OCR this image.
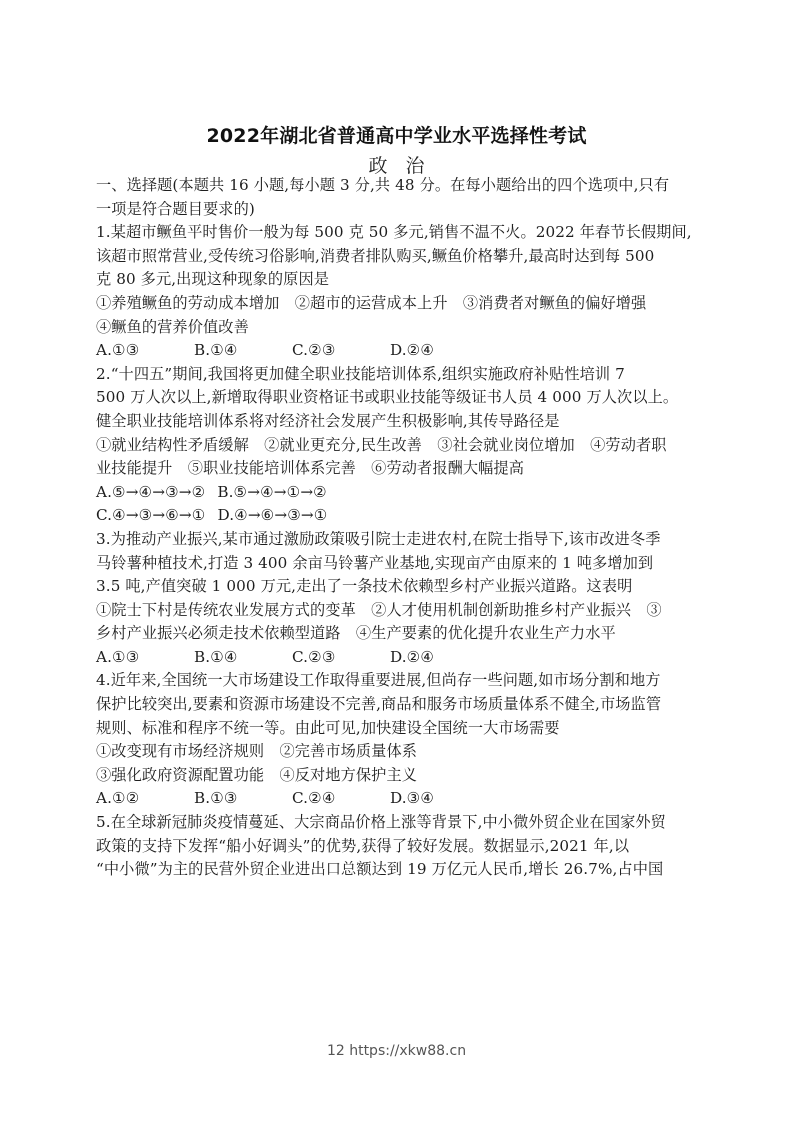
2022年湖北省普通高中学业水平选择性考试
政治
一、选择题(本题共 16 小题,每小题 3 分,共 48 分。在每小题给出的四个选项中,只有
一项是符合题目要求的)
1.某超市鳜鱼平时售价一般为每 500 克 50 多元,销售不温不火。2022 年春节长假期间,
该超市照常营业,受传统习俗影响,消费者排队购买,鳜鱼价格攀升,最高时达到每 500
克 80 多元,出现这种现象的原因是
①养殖鳜鱼的劳动成本增加　②超市的运营成本上升　③消费者对鳜鱼的偏好增强
④鳜鱼的营养价值改善
A.①③	B.①④	C.②③	D.②④
2.“十四五”期间,我国将更加健全职业技能培训体系,组织实施政府补贴性培训 7
500 万人次以上,新增取得职业资格证书或职业技能等级证书人员 4 000 万人次以上。
健全职业技能培训体系将对经济社会发展产生积极影响,其传导路径是
①就业结构性矛盾缓解　②就业更充分,民生改善　③社会就业岗位增加　④劳动者职
业技能提升　⑤职业技能培训体系完善　⑥劳动者报酬大幅提高
A.⑤→④→③→② B.⑤→④→①→②
C.④→③→⑥→① D.④→⑥→③→①
3.为推动产业振兴,某市通过激励政策吸引院士走进农村,在院士指导下,该市改进冬季
马铃薯种植技术,打造 3 400 余亩马铃薯产业基地,实现亩产由原来的 1 吨多增加到
3.5 吨,产值突破 1 000 万元,走出了一条技术依赖型乡村产业振兴道路。这表明
①院士下村是传统农业发展方式的变革　②人才使用机制创新助推乡村产业振兴　③
乡村产业振兴必须走技术依赖型道路　④生产要素的优化提升农业生产力水平
A.①③	B.①④	C.②③	D.②④
4.近年来,全国统一大市场建设工作取得重要进展,但尚存一些问题,如市场分割和地方
保护比较突出,要素和资源市场建设不完善,商品和服务市场质量体系不健全,市场监管
规则、标准和程序不统一等。由此可见,加快建设全国统一大市场需要
①改变现有市场经济规则　②完善市场质量体系
③强化政府资源配置功能　④反对地方保护主义
A.①②	B.①③	C.②④	D.③④
5.在全球新冠肺炎疫情蔓延、大宗商品价格上涨等背景下,中小微外贸企业在国家外贸
政策的支持下发挥“船小好调头”的优势,获得了较好发展。数据显示,2021 年,以
“中小微”为主的民营外贸企业进出口总额达到 19 万亿元人民币,增长 26.7%,占中国
12 https://xkw88.cn
